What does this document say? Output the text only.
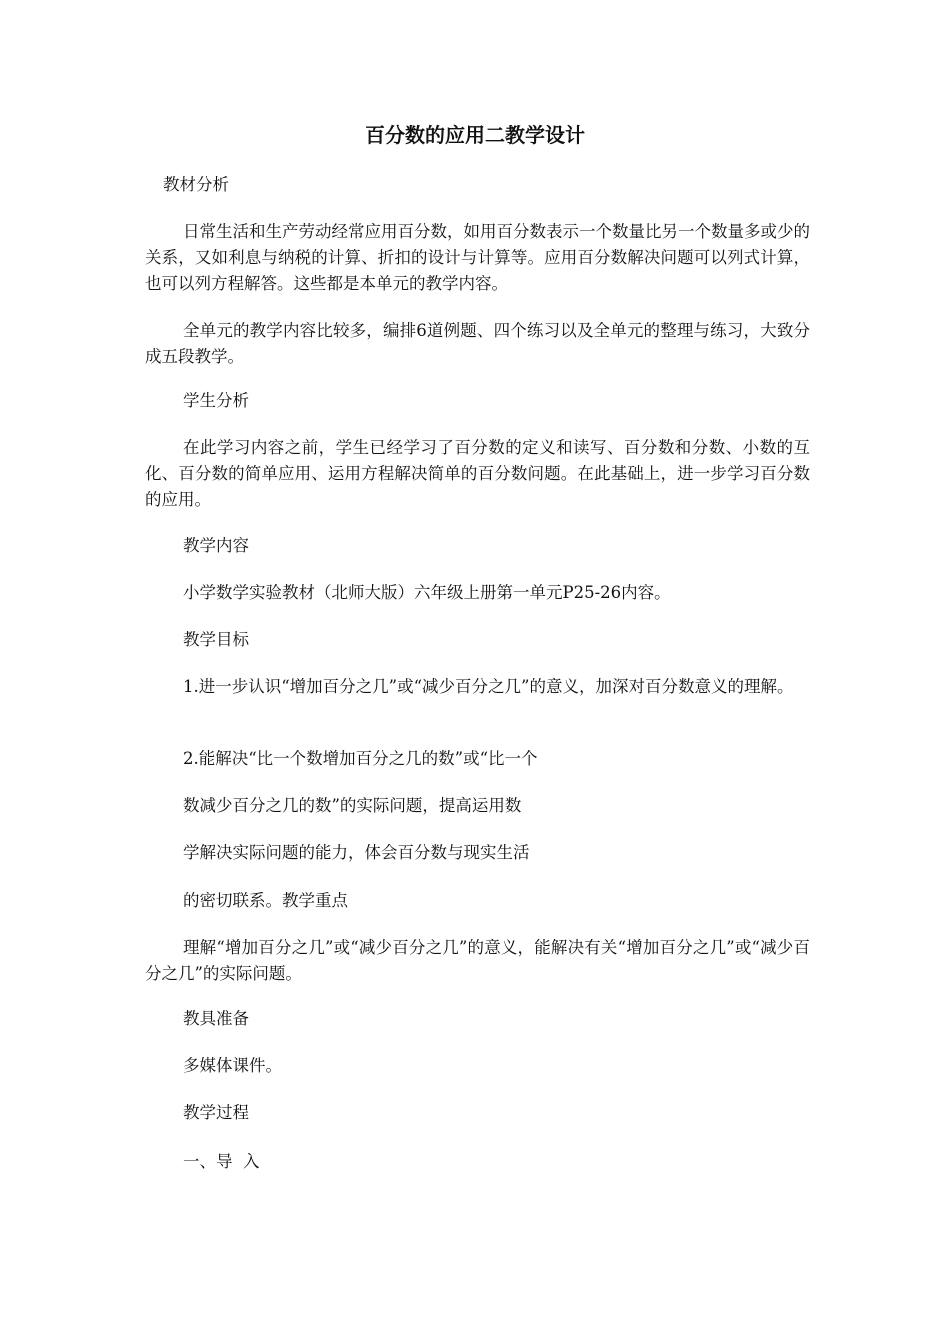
百分数的应用二教学设计

教材分析

日常生活和生产劳动经常应用百分数，如用百分数表示一个数量比另一个数量多或少的关系，又如利息与纳税的计算、折扣的设计与计算等。应用百分数解决问题可以列式计算，也可以列方程解答。这些都是本单元的教学内容。

全单元的教学内容比较多，编排6道例题、四个练习以及全单元的整理与练习，大致分成五段教学。

学生分析

在此学习内容之前，学生已经学习了百分数的定义和读写、百分数和分数、小数的互化、百分数的简单应用、运用方程解决简单的百分数问题。在此基础上，进一步学习百分数的应用。

教学内容

小学数学实验教材（北师大版）六年级上册第一单元P25-26内容。

教学目标

1.进一步认识“增加百分之几”或“减少百分之几”的意义，加深对百分数意义的理解。

2.能解决“比一个数增加百分之几的数”或“比一个

数减少百分之几的数”的实际问题，提高运用数

学解决实际问题的能力，体会百分数与现实生活

的密切联系。教学重点

理解“增加百分之几”或“减少百分之几”的意义，能解决有关“增加百分之几”或“减少百分之几”的实际问题。

教具准备

多媒体课件。

教学过程

一、导  入
